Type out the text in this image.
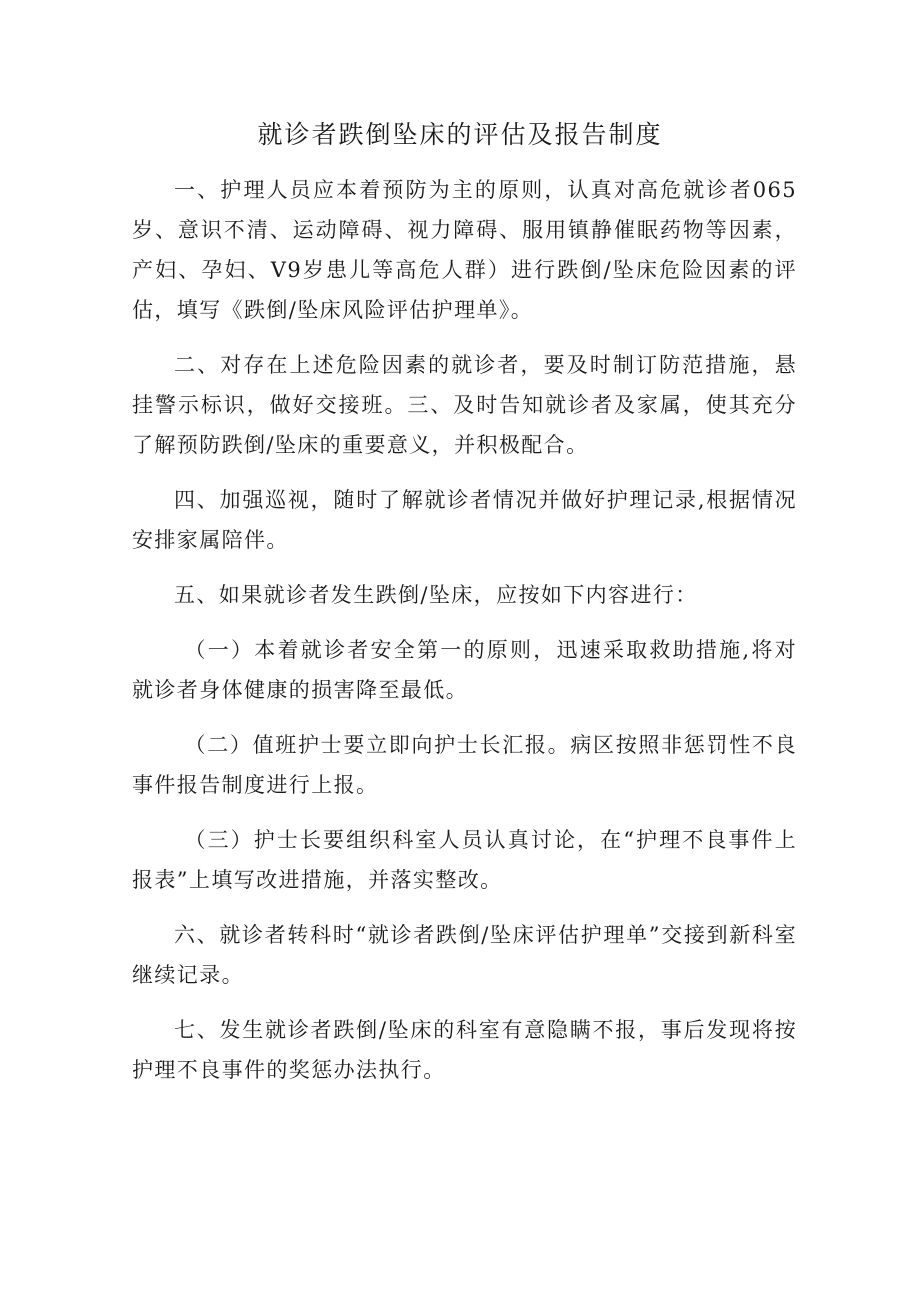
就诊者跌倒坠床的评估及报告制度

一、护理人员应本着预防为主的原则，认真对高危就诊者065岁、意识不清、运动障碍、视力障碍、服用镇静催眠药物等因素，产妇、孕妇、V9岁患儿等高危人群）进行跌倒/坠床危险因素的评估，填写《跌倒/坠床风险评估护理单》。

二、对存在上述危险因素的就诊者，要及时制订防范措施，悬挂警示标识，做好交接班。三、及时告知就诊者及家属，使其充分了解预防跌倒/坠床的重要意义，并积极配合。

四、加强巡视，随时了解就诊者情况并做好护理记录,根据情况安排家属陪伴。

五、如果就诊者发生跌倒/坠床，应按如下内容进行：

（一）本着就诊者安全第一的原则，迅速采取救助措施,将对就诊者身体健康的损害降至最低。

（二）值班护士要立即向护士长汇报。病区按照非惩罚性不良事件报告制度进行上报。

（三）护士长要组织科室人员认真讨论，在“护理不良事件上报表”上填写改进措施，并落实整改。

六、就诊者转科时“就诊者跌倒/坠床评估护理单”交接到新科室继续记录。

七、发生就诊者跌倒/坠床的科室有意隐瞒不报，事后发现将按护理不良事件的奖惩办法执行。
